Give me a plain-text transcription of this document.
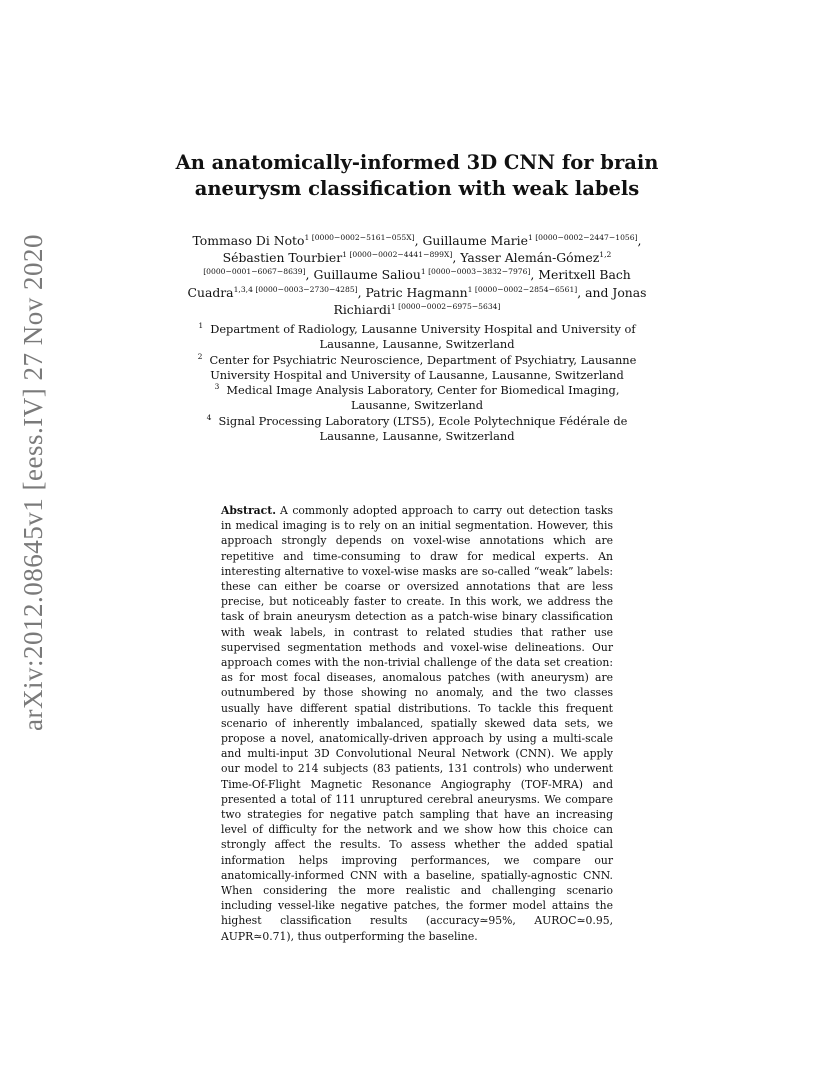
arXiv:2012.08645v1 [eess.IV] 27 Nov 2020
An anatomically-informed 3D CNN for brain aneurysm classification with weak labels
Tommaso Di Noto$^{1 [0000-0002-5161-055X]}$, Guillaume Marie$^{1 [0000-0002-2447-1056]}$, Sébastien Tourbier$^{1 [0000-0002-4441-899X]}$, Yasser Alemán-Gómez$^{1,2 [0000-0001-6067-8639]}$, Guillaume Saliou$^{1 [0000-0003-3832-7976]}$, Meritxell Bach Cuadra$^{1,3,4 [0000-0003-2730-4285]}$, Patric Hagmann$^{1 [0000-0002-2854-6561]}$, and Jonas Richiardi$^{1 [0000-0002-6975-5634]}$

$^1$ Department of Radiology, Lausanne University Hospital and University of Lausanne, Lausanne, Switzerland

$^2$ Center for Psychiatric Neuroscience, Department of Psychiatry, Lausanne University Hospital and University of Lausanne, Lausanne, Switzerland

$^3$ Medical Image Analysis Laboratory, Center for Biomedical Imaging, Lausanne, Switzerland

$^4$ Signal Processing Laboratory (LTS5), Ecole Polytechnique Fédérale de Lausanne, Lausanne, Switzerland

Abstract. A commonly adopted approach to carry out detection tasks in medical imaging is to rely on an initial segmentation. However, this approach strongly depends on voxel-wise annotations which are repetitive and time-consuming to draw for medical experts. An interesting alternative to voxel-wise masks are so-called “weak” labels: these can either be coarse or oversized annotations that are less precise, but noticeably faster to create. In this work, we address the task of brain aneurysm detection as a patch-wise binary classification with weak labels, in contrast to related studies that rather use supervised segmentation methods and voxel-wise delineations. Our approach comes with the non-trivial challenge of the data set creation: as for most focal diseases, anomalous patches (with aneurysm) are outnumbered by those showing no anomaly, and the two classes usually have different spatial distributions. To tackle this frequent scenario of inherently imbalanced, spatially skewed data sets, we propose a novel, anatomically-driven approach by using a multi-scale and multi-input 3D Convolutional Neural Network (CNN). We apply our model to 214 subjects (83 patients, 131 controls) who underwent Time-Of-Flight Magnetic Resonance Angiography (TOF-MRA) and presented a total of 111 unruptured cerebral aneurysms. We compare two strategies for negative patch sampling that have an increasing level of difficulty for the network and we show how this choice can strongly affect the results. To assess whether the added spatial information helps improving performances, we compare our anatomically-informed CNN with a baseline, spatially-agnostic CNN. When considering the more realistic and challenging scenario including vessel-like negative patches, the former model attains the highest classification results (accuracy≃95%, AUROC≃0.95, AUPR≃0.71), thus outperforming the baseline.
